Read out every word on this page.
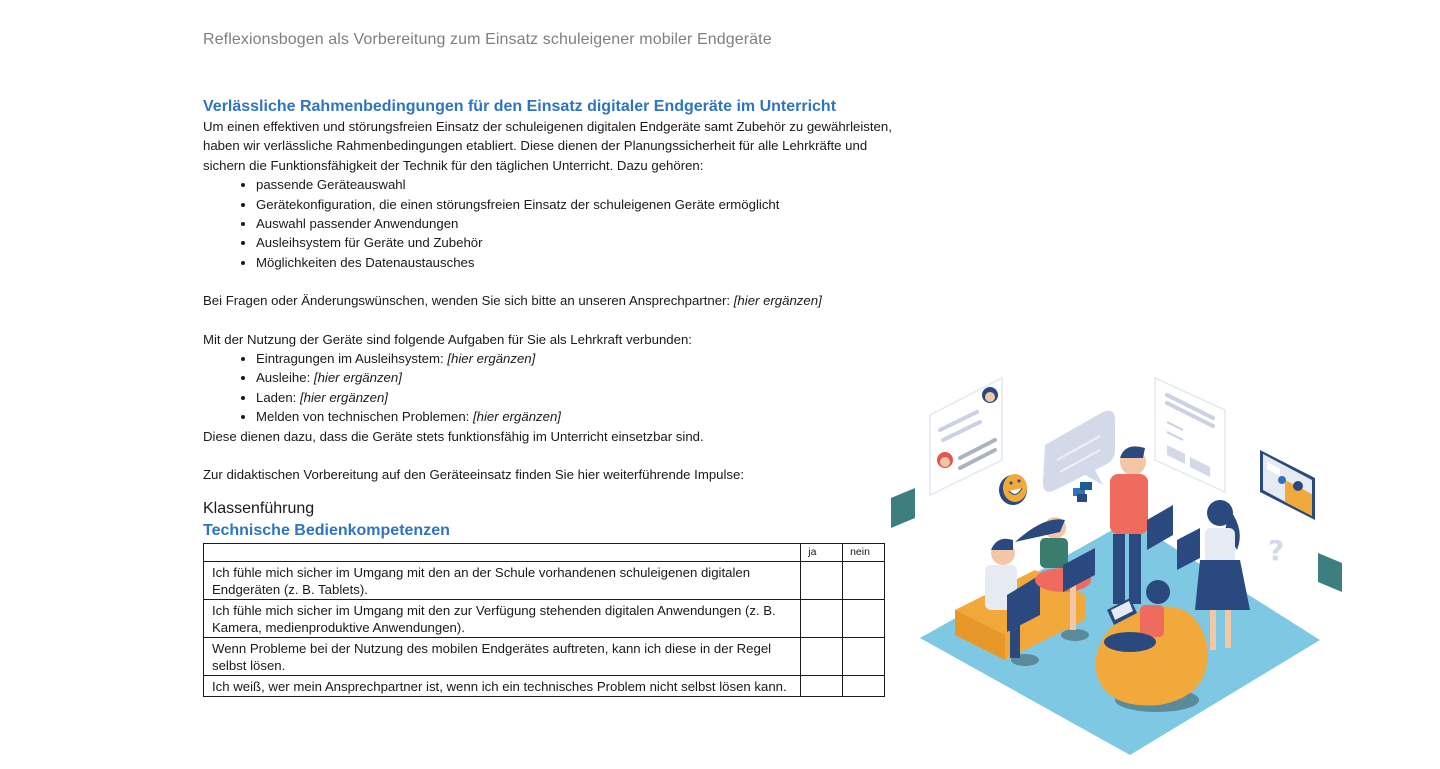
Reflexionsbogen als Vorbereitung zum Einsatz schuleigener mobiler Endgeräte
Verlässliche Rahmenbedingungen für den Einsatz digitaler Endgeräte im Unterricht

Um einen effektiven und störungsfreien Einsatz der schuleigenen digitalen Endgeräte samt Zubehör zu gewährleisten, haben wir verlässliche Rahmenbedingungen etabliert. Diese dienen der Planungssicherheit für alle Lehrkräfte und sichern die Funktionsfähigkeit der Technik für den täglichen Unterricht. Dazu gehören:

• passende Geräteauswahl
• Gerätekonfiguration, die einen störungsfreien Einsatz der schuleigenen Geräte ermöglicht
• Auswahl passender Anwendungen
• Ausleihsystem für Geräte und Zubehör
• Möglichkeiten des Datenaustausches

Bei Fragen oder Änderungswünschen, wenden Sie sich bitte an unseren Ansprechpartner: [hier ergänzen]

Mit der Nutzung der Geräte sind folgende Aufgaben für Sie als Lehrkraft verbunden:

• Eintragungen im Ausleihsystem: [hier ergänzen]
• Ausleihe: [hier ergänzen]
• Laden: [hier ergänzen]
• Melden von technischen Problemen: [hier ergänzen]

Diese dienen dazu, dass die Geräte stets funktionsfähig im Unterricht einsetzbar sind.

Zur didaktischen Vorbereitung auf den Geräteeinsatz finden Sie hier weiterführende Impulse:

Klassenführung
Technische Bedienkompetenzen
	ja	nein
Ich fühle mich sicher im Umgang mit den an der Schule vorhandenen schuleigenen digitalen Endgeräten (z. B. Tablets).		
Ich fühle mich sicher im Umgang mit den zur Verfügung stehenden digitalen Anwendungen (z. B. Kamera, medienproduktive Anwendungen).		
Wenn Probleme bei der Nutzung des mobilen Endgerätes auftreten, kann ich diese in der Regel selbst lösen.		
Ich weiß, wer mein Ansprechpartner ist, wenn ich ein technisches Problem nicht selbst lösen kann.		
?
